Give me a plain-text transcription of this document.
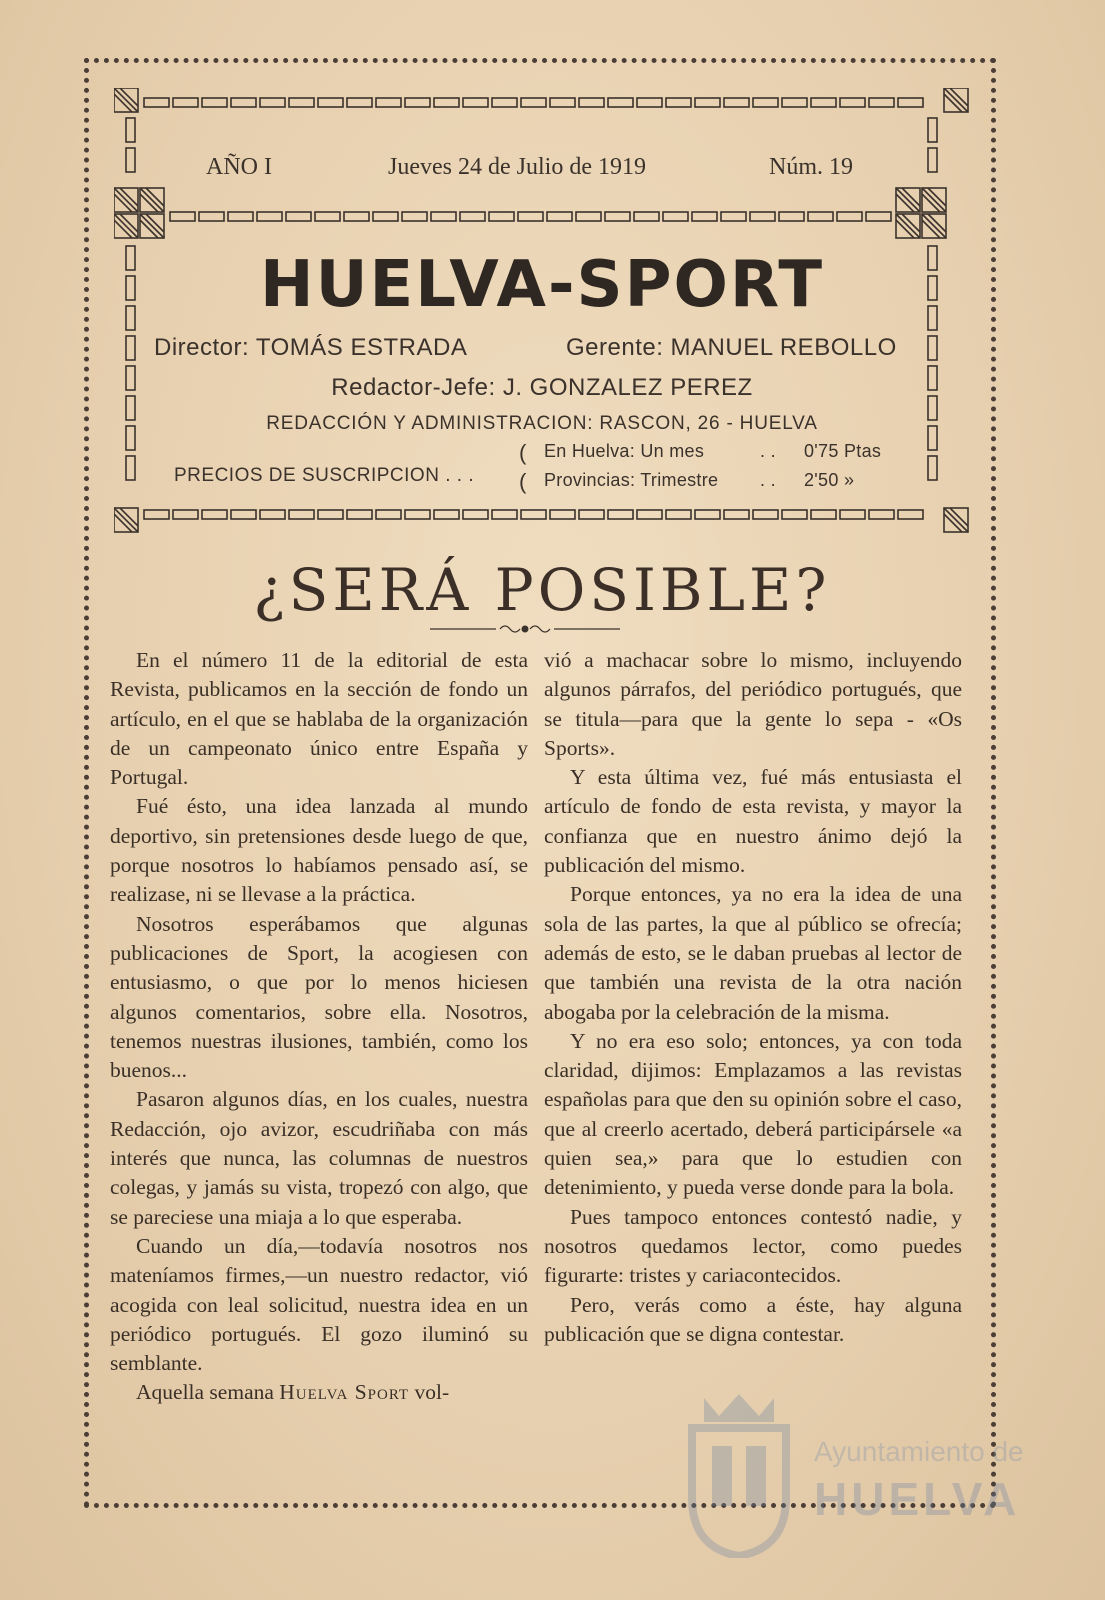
AÑO I	Jueves 24 de Julio de 1919	Núm. 19
HUELVA-SPORT
Director: TOMÁS ESTRADA	Gerente: MANUEL REBOLLO
Redactor-Jefe: J. GONZALEZ PEREZ
REDACCIÓN Y ADMINISTRACION: RASCON, 26 - HUELVA
PRECIOS DE SUSCRIPCION . . .
(
(
En Huelva: Un mes	. . 0'75 Ptas
Provincias: Trimestre . . 2'50 »
¿SERÁ POSIBLE?

En el número 11 de la editorial de esta Revista, publicamos en la sección de fondo un artículo, en el que se hablaba de la organización de un campeonato único entre España y Portugal.

Fué ésto, una idea lanzada al mundo deportivo, sin pretensiones desde luego de que, porque nosotros lo habíamos pensado así, se realizase, ni se llevase a la práctica.

Nosotros esperábamos que algunas publicaciones de Sport, la acogiesen con entusiasmo, o que por lo menos hiciesen algunos comentarios, sobre ella. Nosotros, tenemos nuestras ilusiones, también, como los buenos...

Pasaron algunos días, en los cuales, nuestra Redacción, ojo avizor, escudriñaba con más interés que nunca, las columnas de nuestros colegas, y jamás su vista, tropezó con algo, que se pareciese una miaja a lo que esperaba.

Cuando un día,—todavía nosotros nos mateníamos firmes,—un nuestro redactor, vió acogida con leal solicitud, nuestra idea en un periódico portugués. El gozo iluminó su semblante.

Aquella semana Huelva Sport vol-

vió a machacar sobre lo mismo, incluyendo algunos párrafos, del periódico portugués, que se titula—para que la gente lo sepa - «Os Sports».

Y esta última vez, fué más entusiasta el artículo de fondo de esta revista, y mayor la confianza que en nuestro ánimo dejó la publicación del mismo.

Porque entonces, ya no era la idea de una sola de las partes, la que al público se ofrecía; además de esto, se le daban pruebas al lector de que también una revista de la otra nación abogaba por la celebración de la misma.

Y no era eso solo; entonces, ya con toda claridad, dijimos: Emplazamos a las revistas españolas para que den su opinión sobre el caso, que al creerlo acertado, deberá participársele «a quien sea,» para que lo estudien con detenimiento, y pueda verse donde para la bola.

Pues tampoco entonces contestó nadie, y nosotros quedamos lector, como puedes figurarte: tristes y cariacontecidos.

Pero, verás como a éste, hay alguna publicación que se digna contestar.

Ayuntamiento de
HUELVA
